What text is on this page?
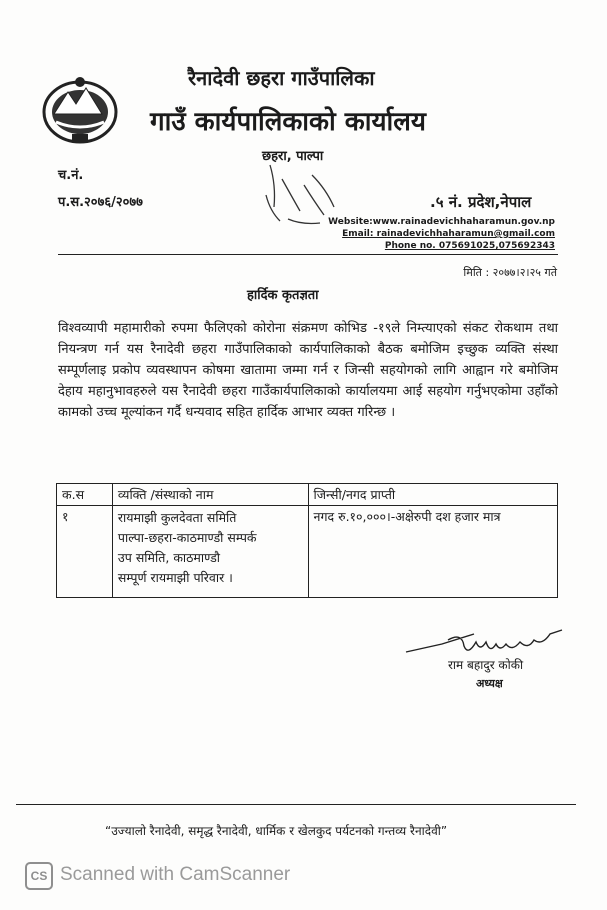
रैनादेवी छहरा गाउँपालिका
गाउँ कार्यपालिकाको कार्यालय
च.नं.
प.स.२०७६/२०७७
छहरा, पाल्पा
.५ नं. प्रदेश,नेपाल
Website:www.rainadevichhaharamun.gov.np
Email: rainadevichhaharamun@gmail.com
Phone no. 075691025,075692343
मिति : २०७७।२।२५ गते
हार्दिक कृतज्ञता
विश्वव्यापी महामारीको रुपमा फैलिएको कोरोना संक्रमण कोभिड -१९ले निम्त्याएको संकट रोकथाम तथा नियन्त्रण गर्न यस रैनादेवी छहरा गाउँपालिकाको कार्यपालिकाको बैठक बमोजिम इच्छुक व्यक्ति संस्था सम्पूर्णलाइ प्रकोप व्यवस्थापन कोषमा खातामा जम्मा गर्न र जिन्सी सहयोगको लागि आह्वान गरे बमोजिम देहाय महानुभावहरुले यस रैनादेवी छहरा गाउँकार्यपालिकाको कार्यालयमा आई सहयोग गर्नुभएकोमा उहाँको कामको उच्च मूल्यांकन गर्दै धन्यवाद सहित हार्दिक आभार व्यक्त गरिन्छ ।
क.स	व्यक्ति /संस्थाको नाम	जिन्सी/नगद प्राप्ती
१	रायमाझी कुलदेवता समिति
पाल्पा-छहरा-काठमाण्डौ सम्पर्क
उप समिति, काठमाण्डौ
सम्पूर्ण रायमाझी परिवार ।	नगद रु.१०,०००।-अक्षेरुपी दश हजार मात्र
राम बहादुर कोकी
अध्यक्ष
“उज्यालो रैनादेवी, समृद्ध रैनादेवी, धार्मिक र खेलकुद पर्यटनको गन्तव्य रैनादेवी”
CS Scanned with CamScanner
